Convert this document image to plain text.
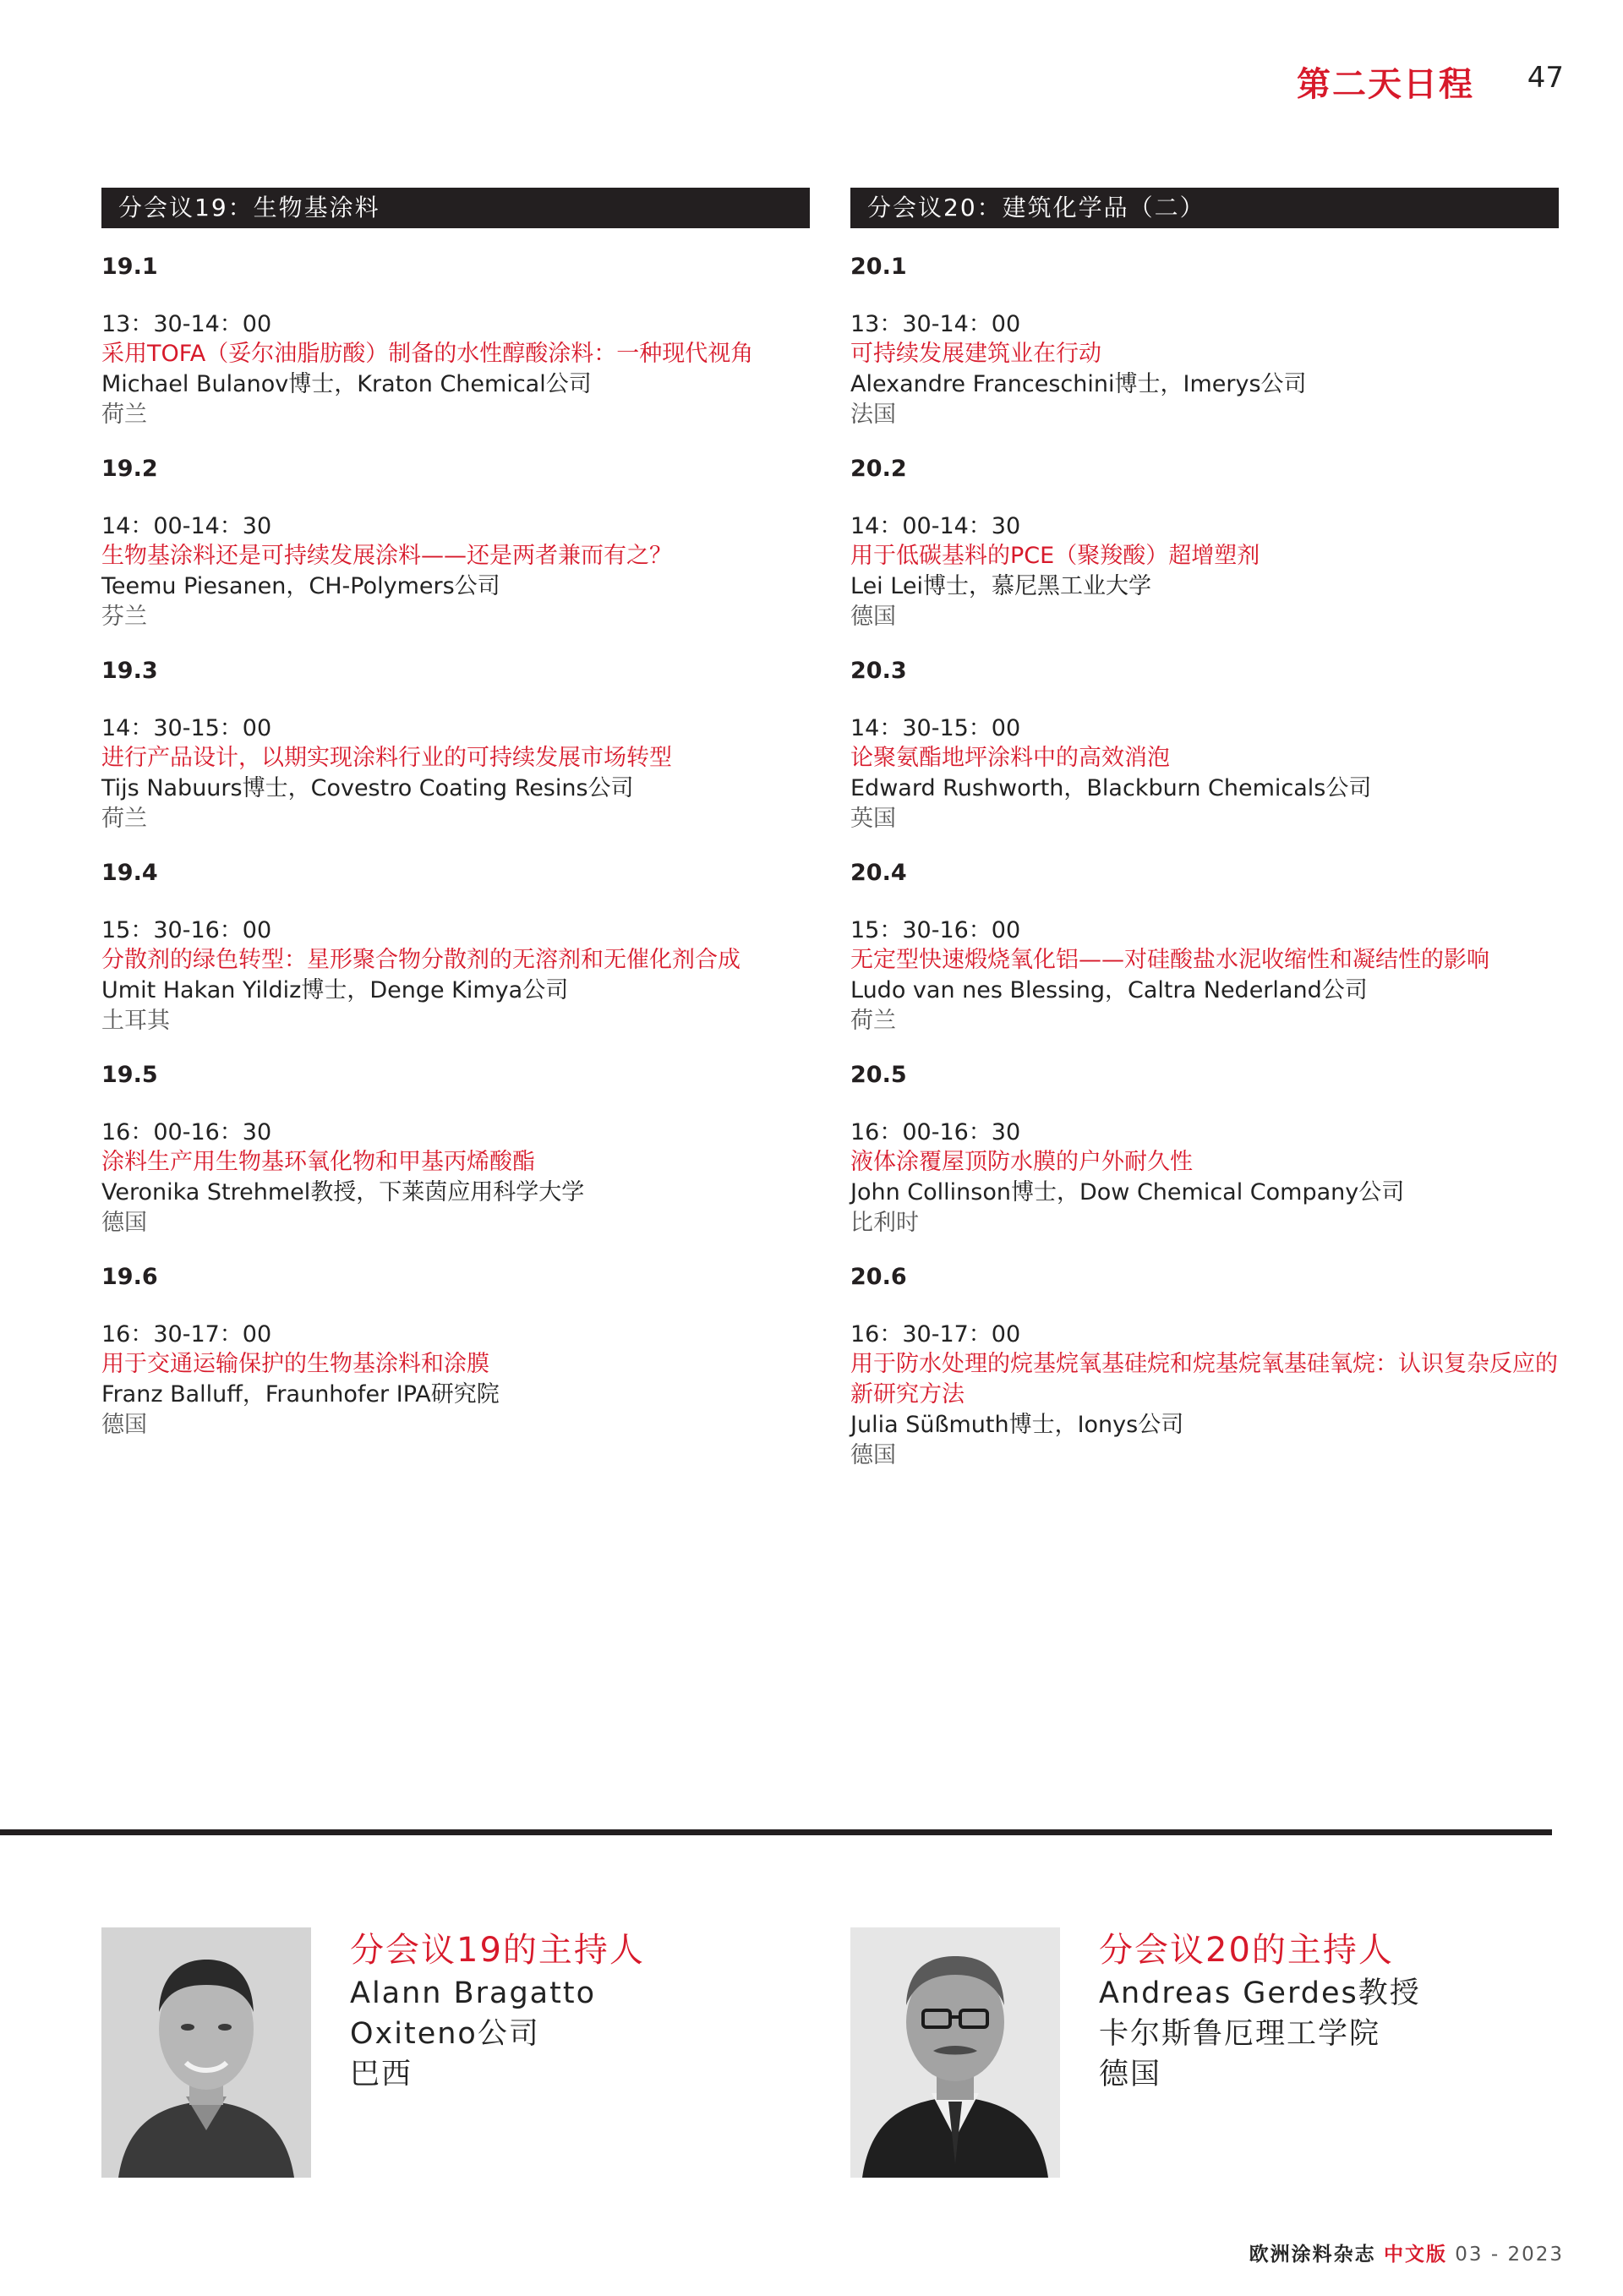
第二天日程 47
分会议19：生物基涂料
19.1
13：30-14：00
采用TOFA（妥尔油脂肪酸）制备的水性醇酸涂料：一种现代视角
Michael Bulanov博士，Kraton Chemical公司
荷兰
19.2
14：00-14：30
生物基涂料还是可持续发展涂料——还是两者兼而有之？
Teemu Piesanen，CH-Polymers公司
芬兰
19.3
14：30-15：00
进行产品设计，以期实现涂料行业的可持续发展市场转型
Tijs Nabuurs博士，Covestro Coating Resins公司
荷兰
19.4
15：30-16：00
分散剂的绿色转型：星形聚合物分散剂的无溶剂和无催化剂合成
Umit Hakan Yildiz博士，Denge Kimya公司
土耳其
19.5
16：00-16：30
涂料生产用生物基环氧化物和甲基丙烯酸酯
Veronika Strehmel教授，下莱茵应用科学大学
德国
19.6
16：30-17：00
用于交通运输保护的生物基涂料和涂膜
Franz Balluff，Fraunhofer IPA研究院
德国
分会议20：建筑化学品（二）
20.1
13：30-14：00
可持续发展建筑业在行动
Alexandre Franceschini博士，Imerys公司
法国
20.2
14：00-14：30
用于低碳基料的PCE（聚羧酸）超增塑剂
Lei Lei博士，慕尼黑工业大学
德国
20.3
14：30-15：00
论聚氨酯地坪涂料中的高效消泡
Edward Rushworth，Blackburn Chemicals公司
英国
20.4
15：30-16：00
无定型快速煅烧氧化铝——对硅酸盐水泥收缩性和凝结性的影响
Ludo van nes Blessing，Caltra Nederland公司
荷兰
20.5
16：00-16：30
液体涂覆屋顶防水膜的户外耐久性
John Collinson博士，Dow Chemical Company公司
比利时
20.6
16：30-17：00
用于防水处理的烷基烷氧基硅烷和烷基烷氧基硅氧烷：认识复杂反应的新研究方法
Julia Süßmuth博士，Ionys公司
德国
分会议19的主持人
Alann Bragatto
Oxiteno公司
巴西
分会议20的主持人
Andreas Gerdes教授
卡尔斯鲁厄理工学院
德国
欧洲涂料杂志 中文版 03 - 2023
